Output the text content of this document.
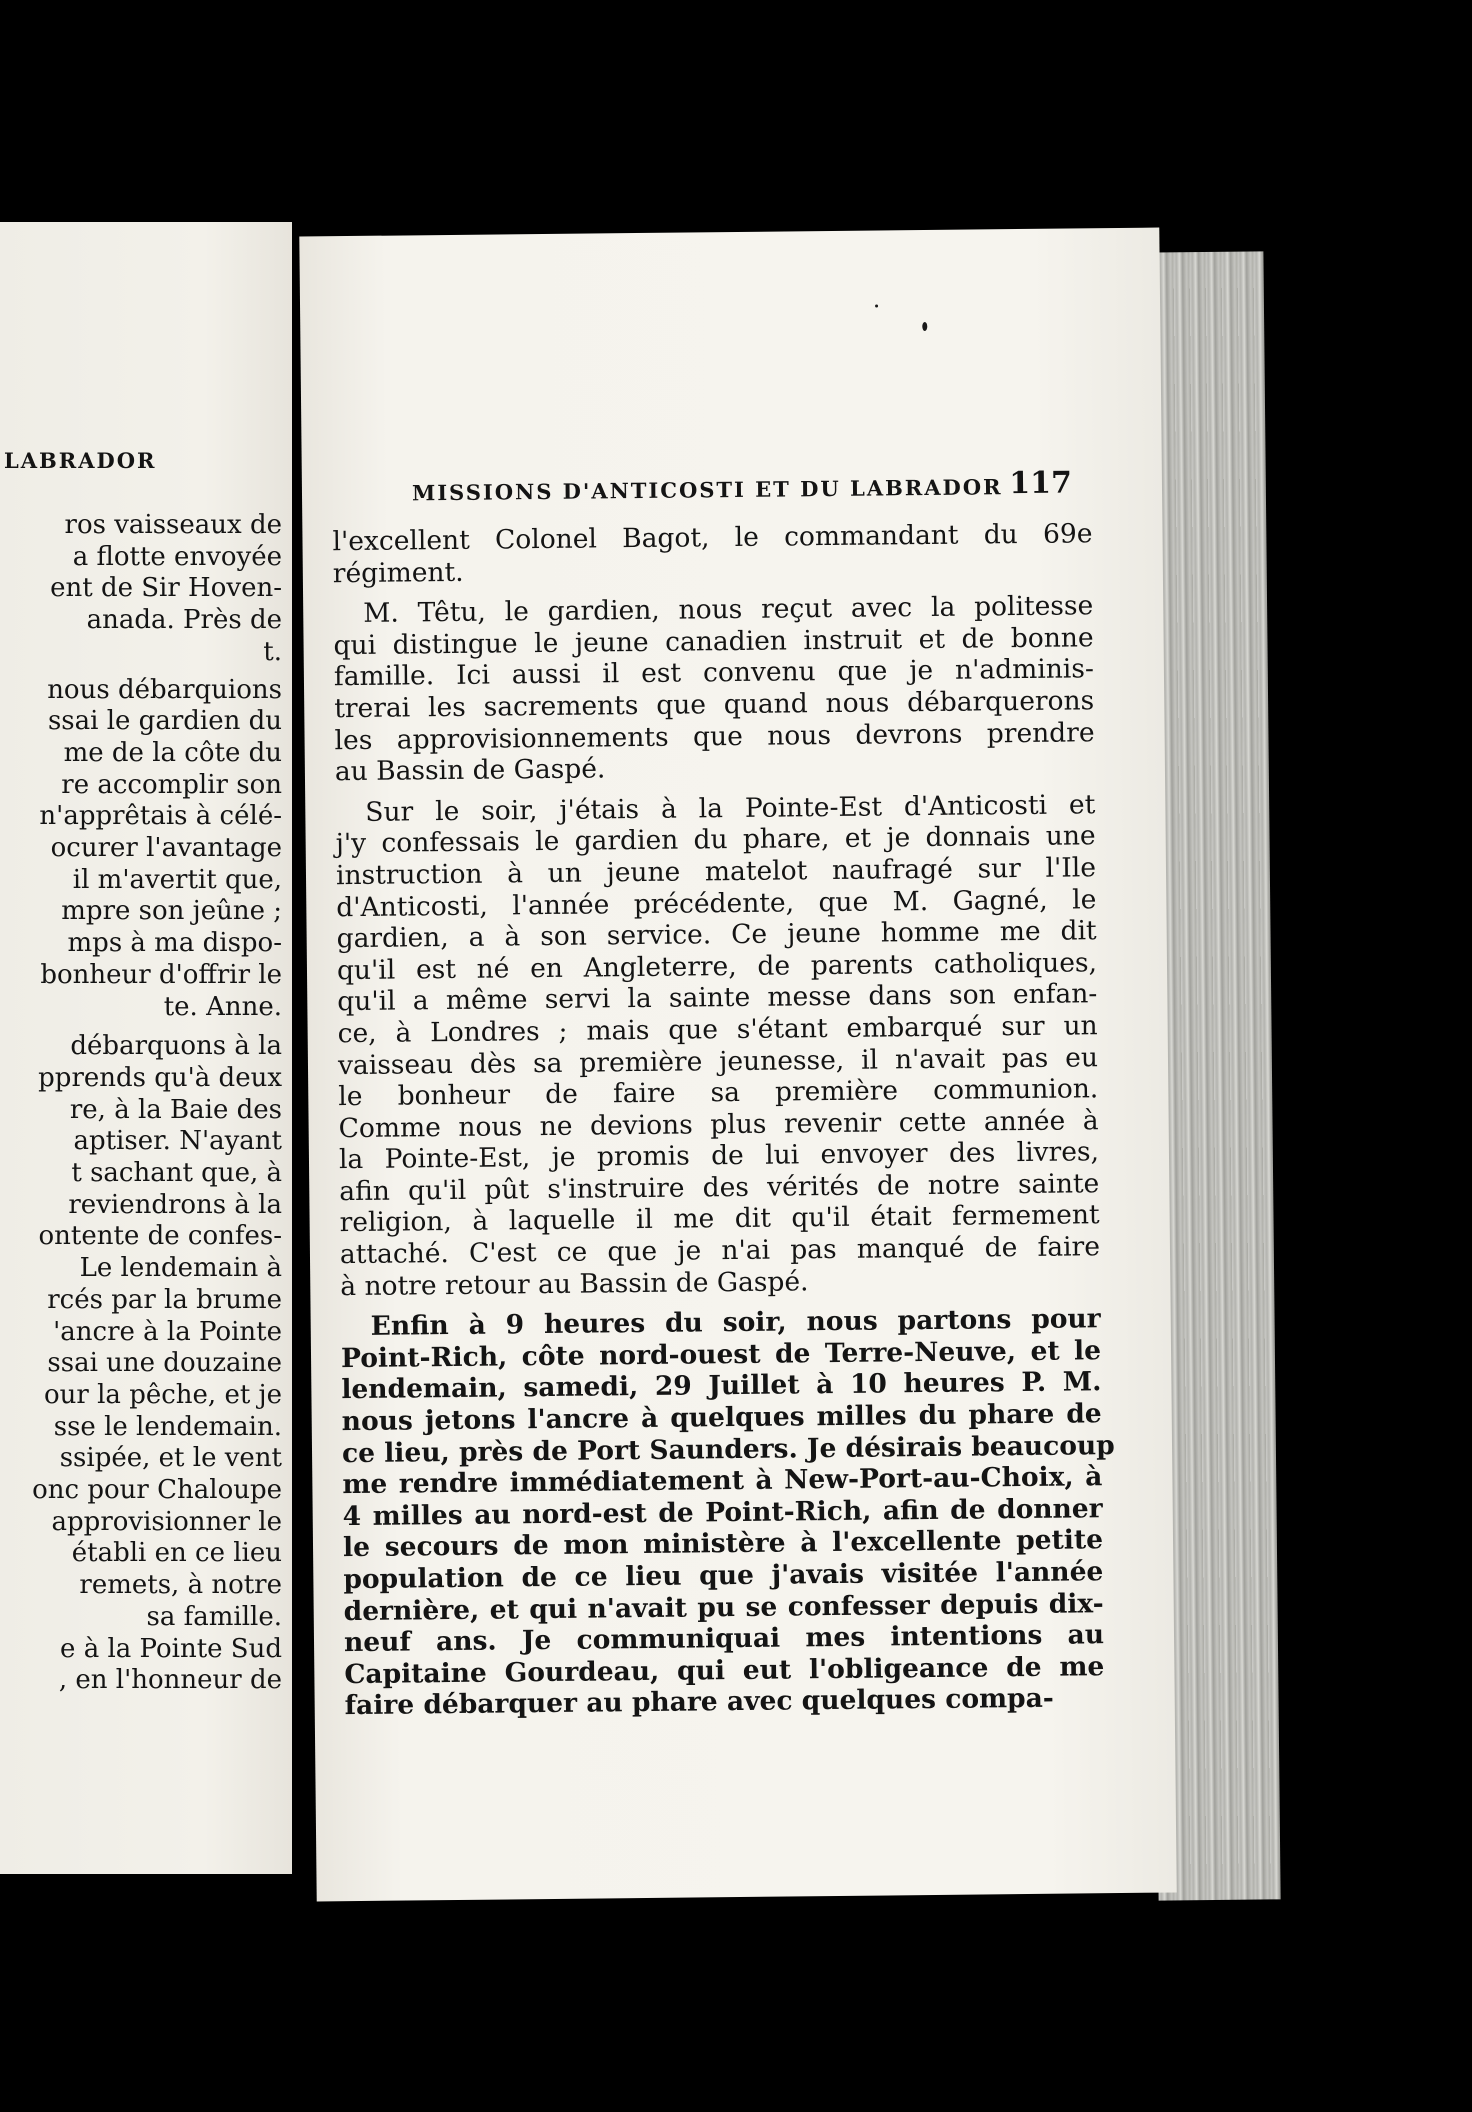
LABRADOR
ros vaisseaux de
a flotte envoyée
ent de Sir Hoven-
anada. Près de
t.
nous débarquions
ssai le gardien du
me de la côte du
re accomplir son
n'apprêtais à célé-
ocurer l'avantage
il m'avertit que,
mpre son jeûne ;
mps à ma dispo-
bonheur d'offrir le
te. Anne.
débarquons à la
pprends qu'à deux
re, à la Baie des
aptiser. N'ayant
t sachant que, à
reviendrons à la
ontente de confes-
Le lendemain à
rcés par la brume
'ancre à la Pointe
ssai une douzaine
our la pêche, et je
sse le lendemain.
ssipée, et le vent
onc pour Chaloupe
approvisionner le
établi en ce lieu
remets, à notre
sa famille.
e à la Pointe Sud
, en l'honneur de
MISSIONS D'ANTICOSTI ET DU LABRADOR 117
l'excellent Colonel Bagot, le commandant du 69e
régiment.
M. Têtu, le gardien, nous reçut avec la politesse
qui distingue le jeune canadien instruit et de bonne
famille. Ici aussi il est convenu que je n'adminis-
trerai les sacrements que quand nous débarquerons
les approvisionnements que nous devrons prendre
au Bassin de Gaspé.
Sur le soir, j'étais à la Pointe-Est d'Anticosti et
j'y confessais le gardien du phare, et je donnais une
instruction à un jeune matelot naufragé sur l'Ile
d'Anticosti, l'année précédente, que M. Gagné, le
gardien, a à son service. Ce jeune homme me dit
qu'il est né en Angleterre, de parents catholiques,
qu'il a même servi la sainte messe dans son enfan-
ce, à Londres ; mais que s'étant embarqué sur un
vaisseau dès sa première jeunesse, il n'avait pas eu
le bonheur de faire sa première communion.
Comme nous ne devions plus revenir cette année à
la Pointe-Est, je promis de lui envoyer des livres,
afin qu'il pût s'instruire des vérités de notre sainte
religion, à laquelle il me dit qu'il était fermement
attaché. C'est ce que je n'ai pas manqué de faire
à notre retour au Bassin de Gaspé.
Enfin à 9 heures du soir, nous partons pour
Point-Rich, côte nord-ouest de Terre-Neuve, et le
lendemain, samedi, 29 Juillet à 10 heures P. M.
nous jetons l'ancre à quelques milles du phare de
ce lieu, près de Port Saunders. Je désirais beaucoup
me rendre immédiatement à New-Port-au-Choix, à
4 milles au nord-est de Point-Rich, afin de donner
le secours de mon ministère à l'excellente petite
population de ce lieu que j'avais visitée l'année
dernière, et qui n'avait pu se confesser depuis dix-
neuf ans. Je communiquai mes intentions au
Capitaine Gourdeau, qui eut l'obligeance de me
faire débarquer au phare avec quelques compa-
